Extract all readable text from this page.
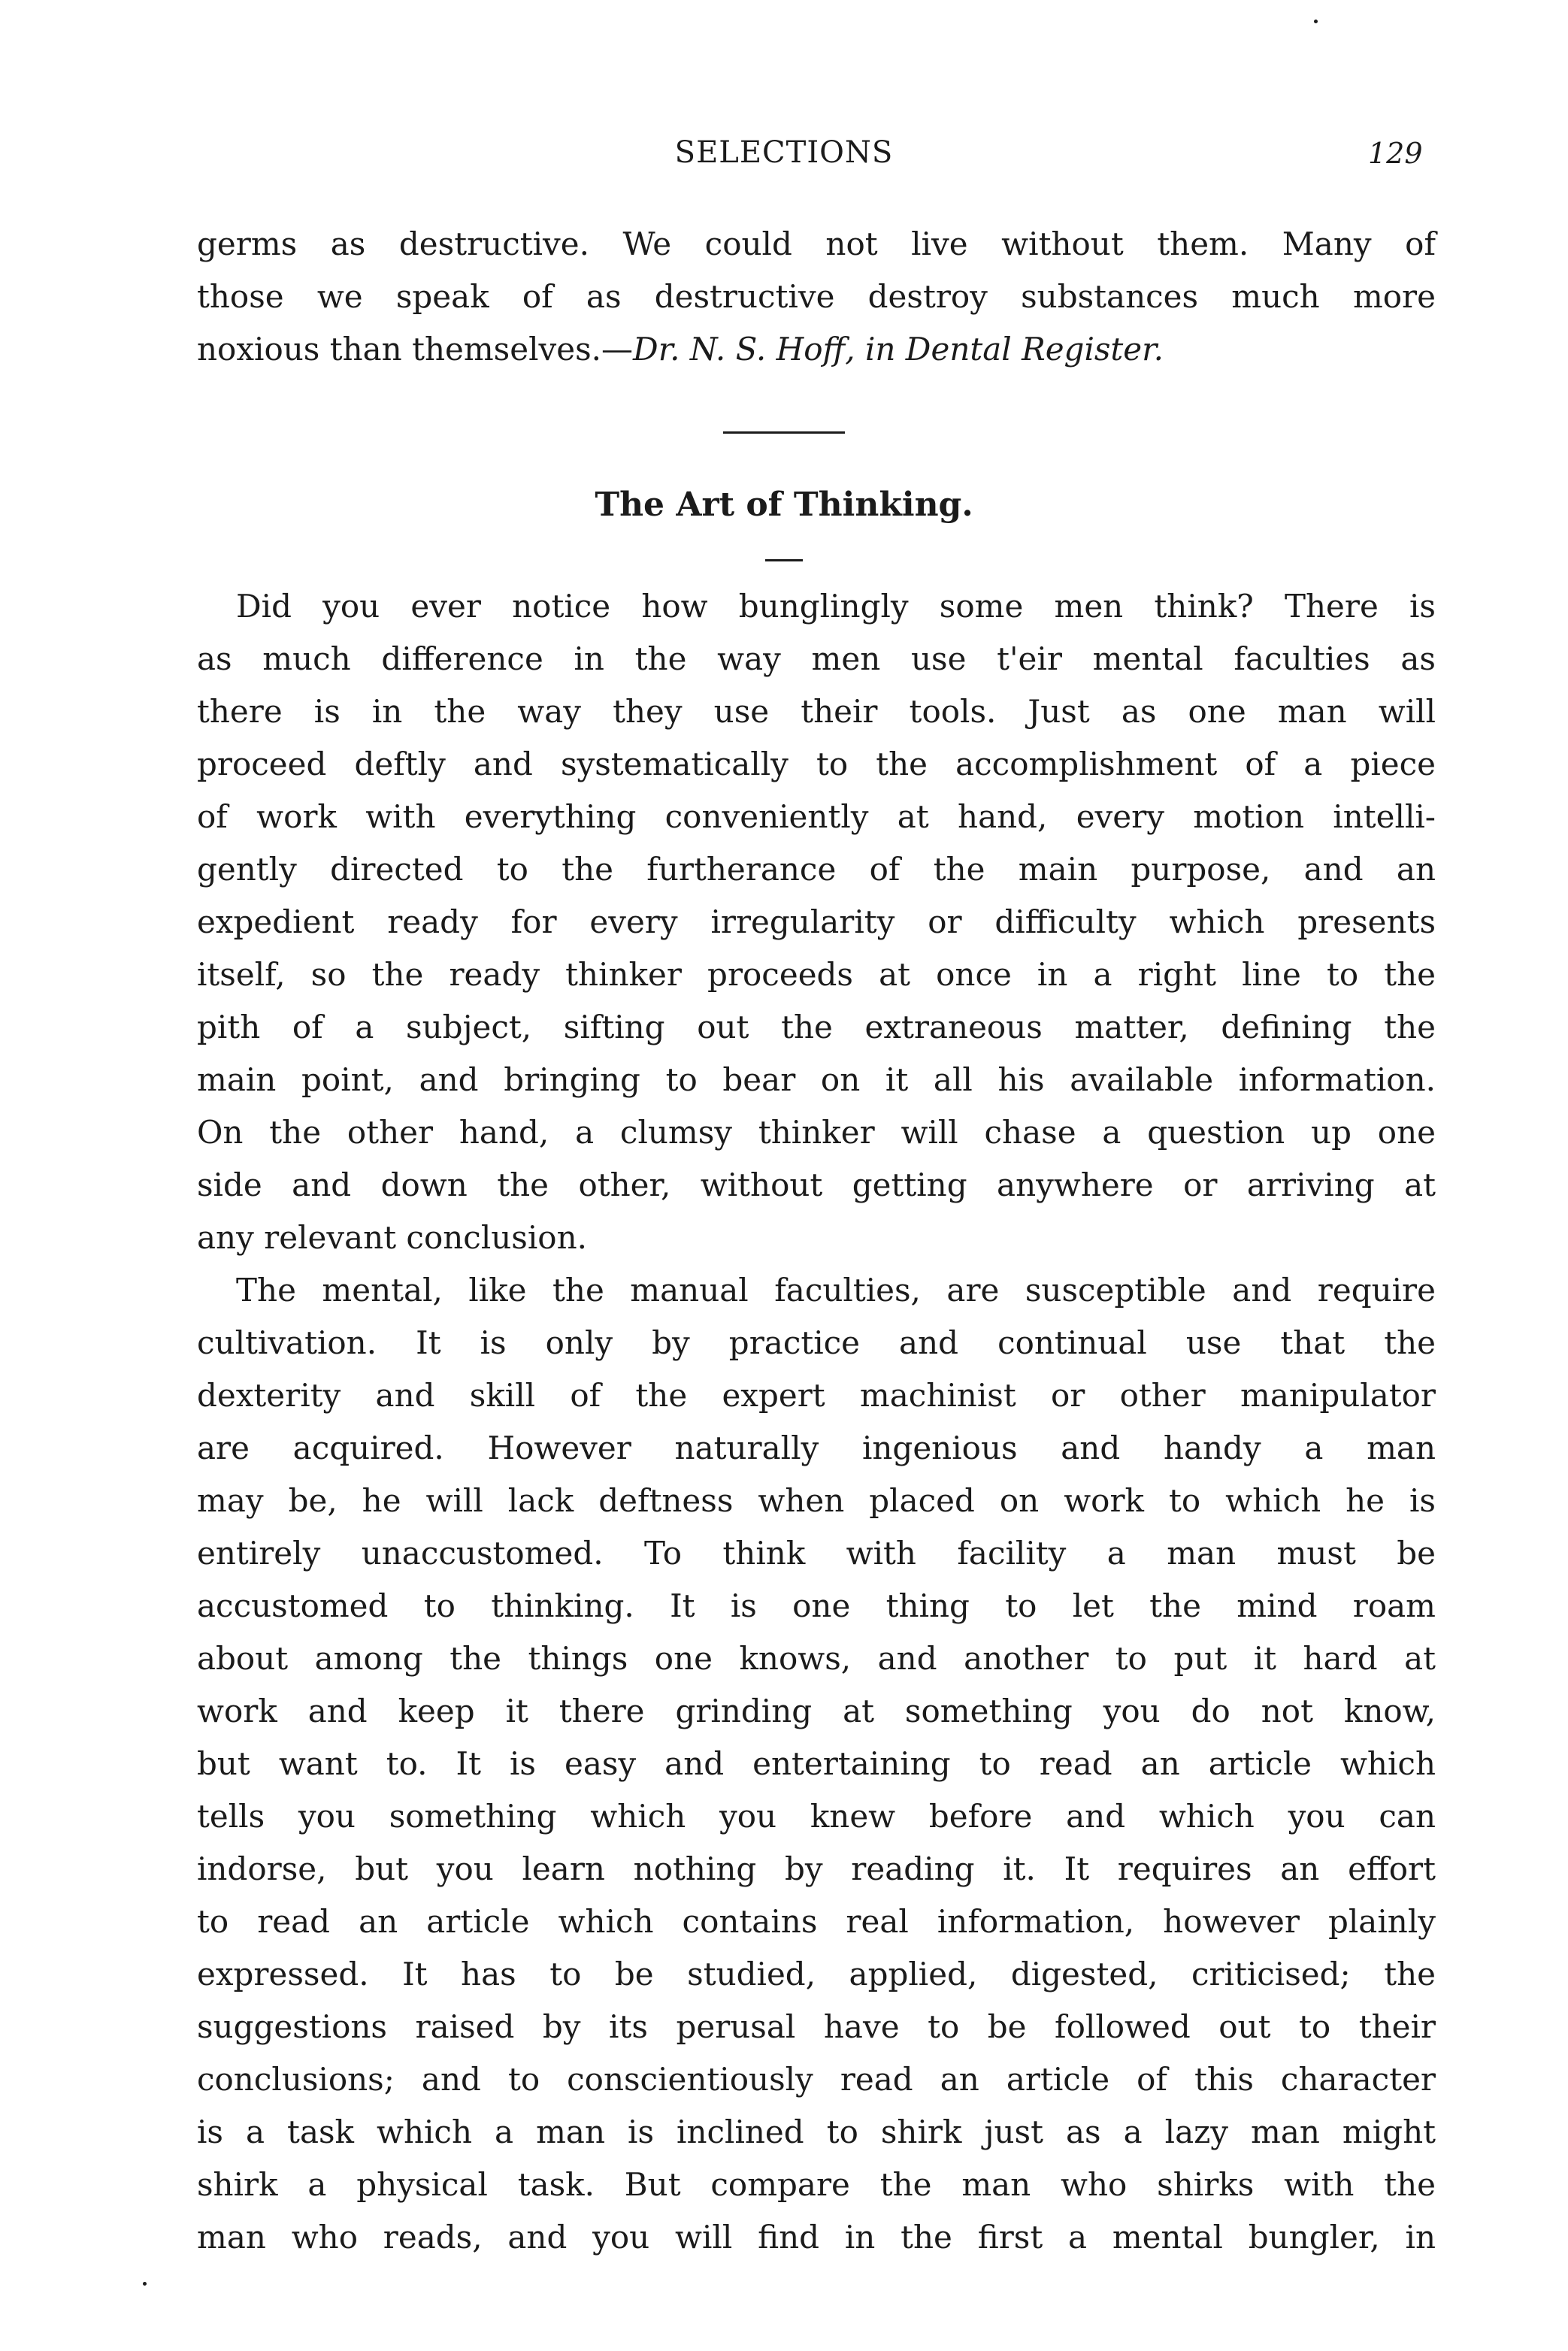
SELECTIONS	129
germs as destructive. We could not live without them. Many of
those we speak of as destructive destroy substances much more
noxious than themselves.—Dr. N. S. Hoff, in Dental Register.
The Art of Thinking.
Did you ever notice how bunglingly some men think? There is
as much difference in the way men use t'eir mental faculties as
there is in the way they use their tools. Just as one man will
proceed deftly and systematically to the accomplishment of a piece
of work with everything conveniently at hand, every motion intelli-
gently directed to the furtherance of the main purpose, and an
expedient ready for every irregularity or difficulty which presents
itself, so the ready thinker proceeds at once in a right line to the
pith of a subject, sifting out the extraneous matter, defining the
main point, and bringing to bear on it all his available information.
On the other hand, a clumsy thinker will chase a question up one
side and down the other, without getting anywhere or arriving at
any relevant conclusion.
The mental, like the manual faculties, are susceptible and require
cultivation. It is only by practice and continual use that the
dexterity and skill of the expert machinist or other manipulator
are acquired. However naturally ingenious and handy a man
may be, he will lack deftness when placed on work to which he is
entirely unaccustomed. To think with facility a man must be
accustomed to thinking. It is one thing to let the mind roam
about among the things one knows, and another to put it hard at
work and keep it there grinding at something you do not know,
but want to. It is easy and entertaining to read an article which
tells you something which you knew before and which you can
indorse, but you learn nothing by reading it. It requires an effort
to read an article which contains real information, however plainly
expressed. It has to be studied, applied, digested, criticised; the
suggestions raised by its perusal have to be followed out to their
conclusions; and to conscientiously read an article of this character
is a task which a man is inclined to shirk just as a lazy man might
shirk a physical task. But compare the man who shirks with the
man who reads, and you will find in the first a mental bungler, in
